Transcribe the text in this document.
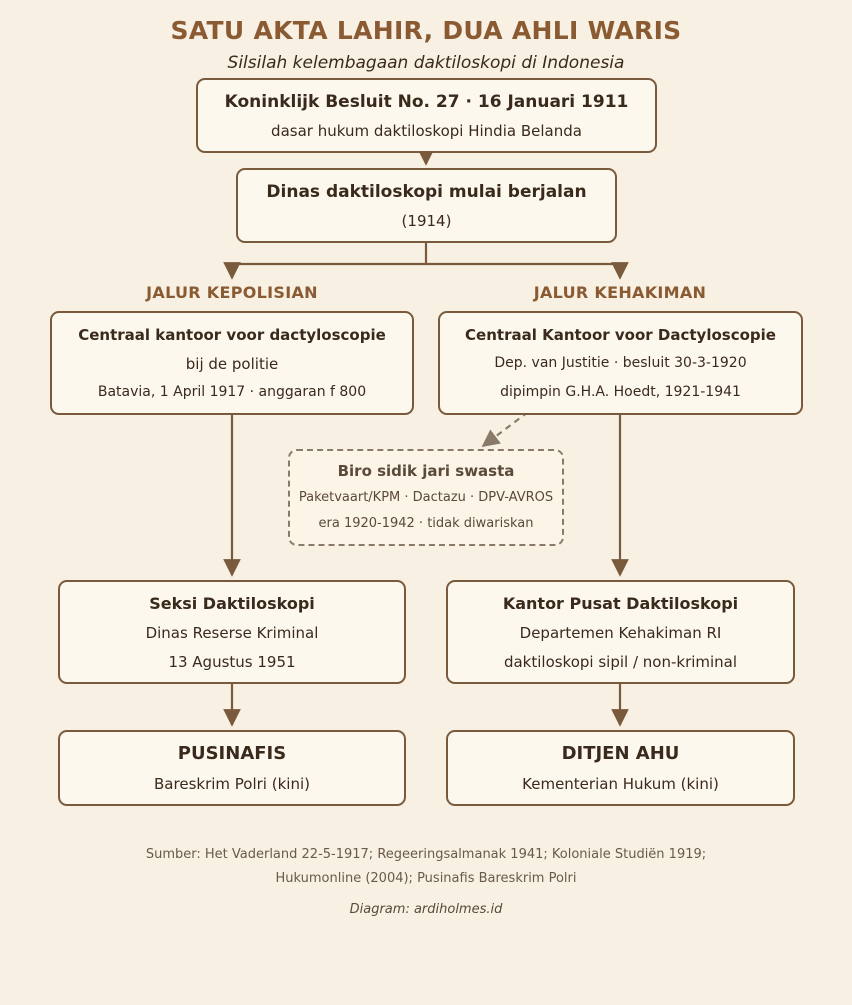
SATU AKTA LAHIR, DUA AHLI WARIS
Silsilah kelembagaan daktiloskopi di Indonesia
Koninklijk Besluit No. 27 · 16 Januari 1911
dasar hukum daktiloskopi Hindia Belanda
Dinas daktiloskopi mulai berjalan
(1914)
JALUR KEPOLISIAN	JALUR KEHAKIMAN
Centraal kantoor voor dactyloscopie
bij de politie
Batavia, 1 April 1917 · anggaran f 800
Centraal Kantoor voor Dactyloscopie
Dep. van Justitie · besluit 30-3-1920
dipimpin G.H.A. Hoedt, 1921-1941
Biro sidik jari swasta
Paketvaart/KPM · Dactazu · DPV-AVROS
era 1920-1942 · tidak diwariskan
Seksi Daktiloskopi
Dinas Reserse Kriminal
13 Agustus 1951
Kantor Pusat Daktiloskopi
Departemen Kehakiman RI
daktiloskopi sipil / non-kriminal
PUSINAFIS
Bareskrim Polri (kini)
DITJEN AHU
Kementerian Hukum (kini)
Sumber: Het Vaderland 22-5-1917; Regeeringsalmanak 1941; Koloniale Studiën 1919;
Hukumonline (2004); Pusinafis Bareskrim Polri
Diagram: ardiholmes.id
